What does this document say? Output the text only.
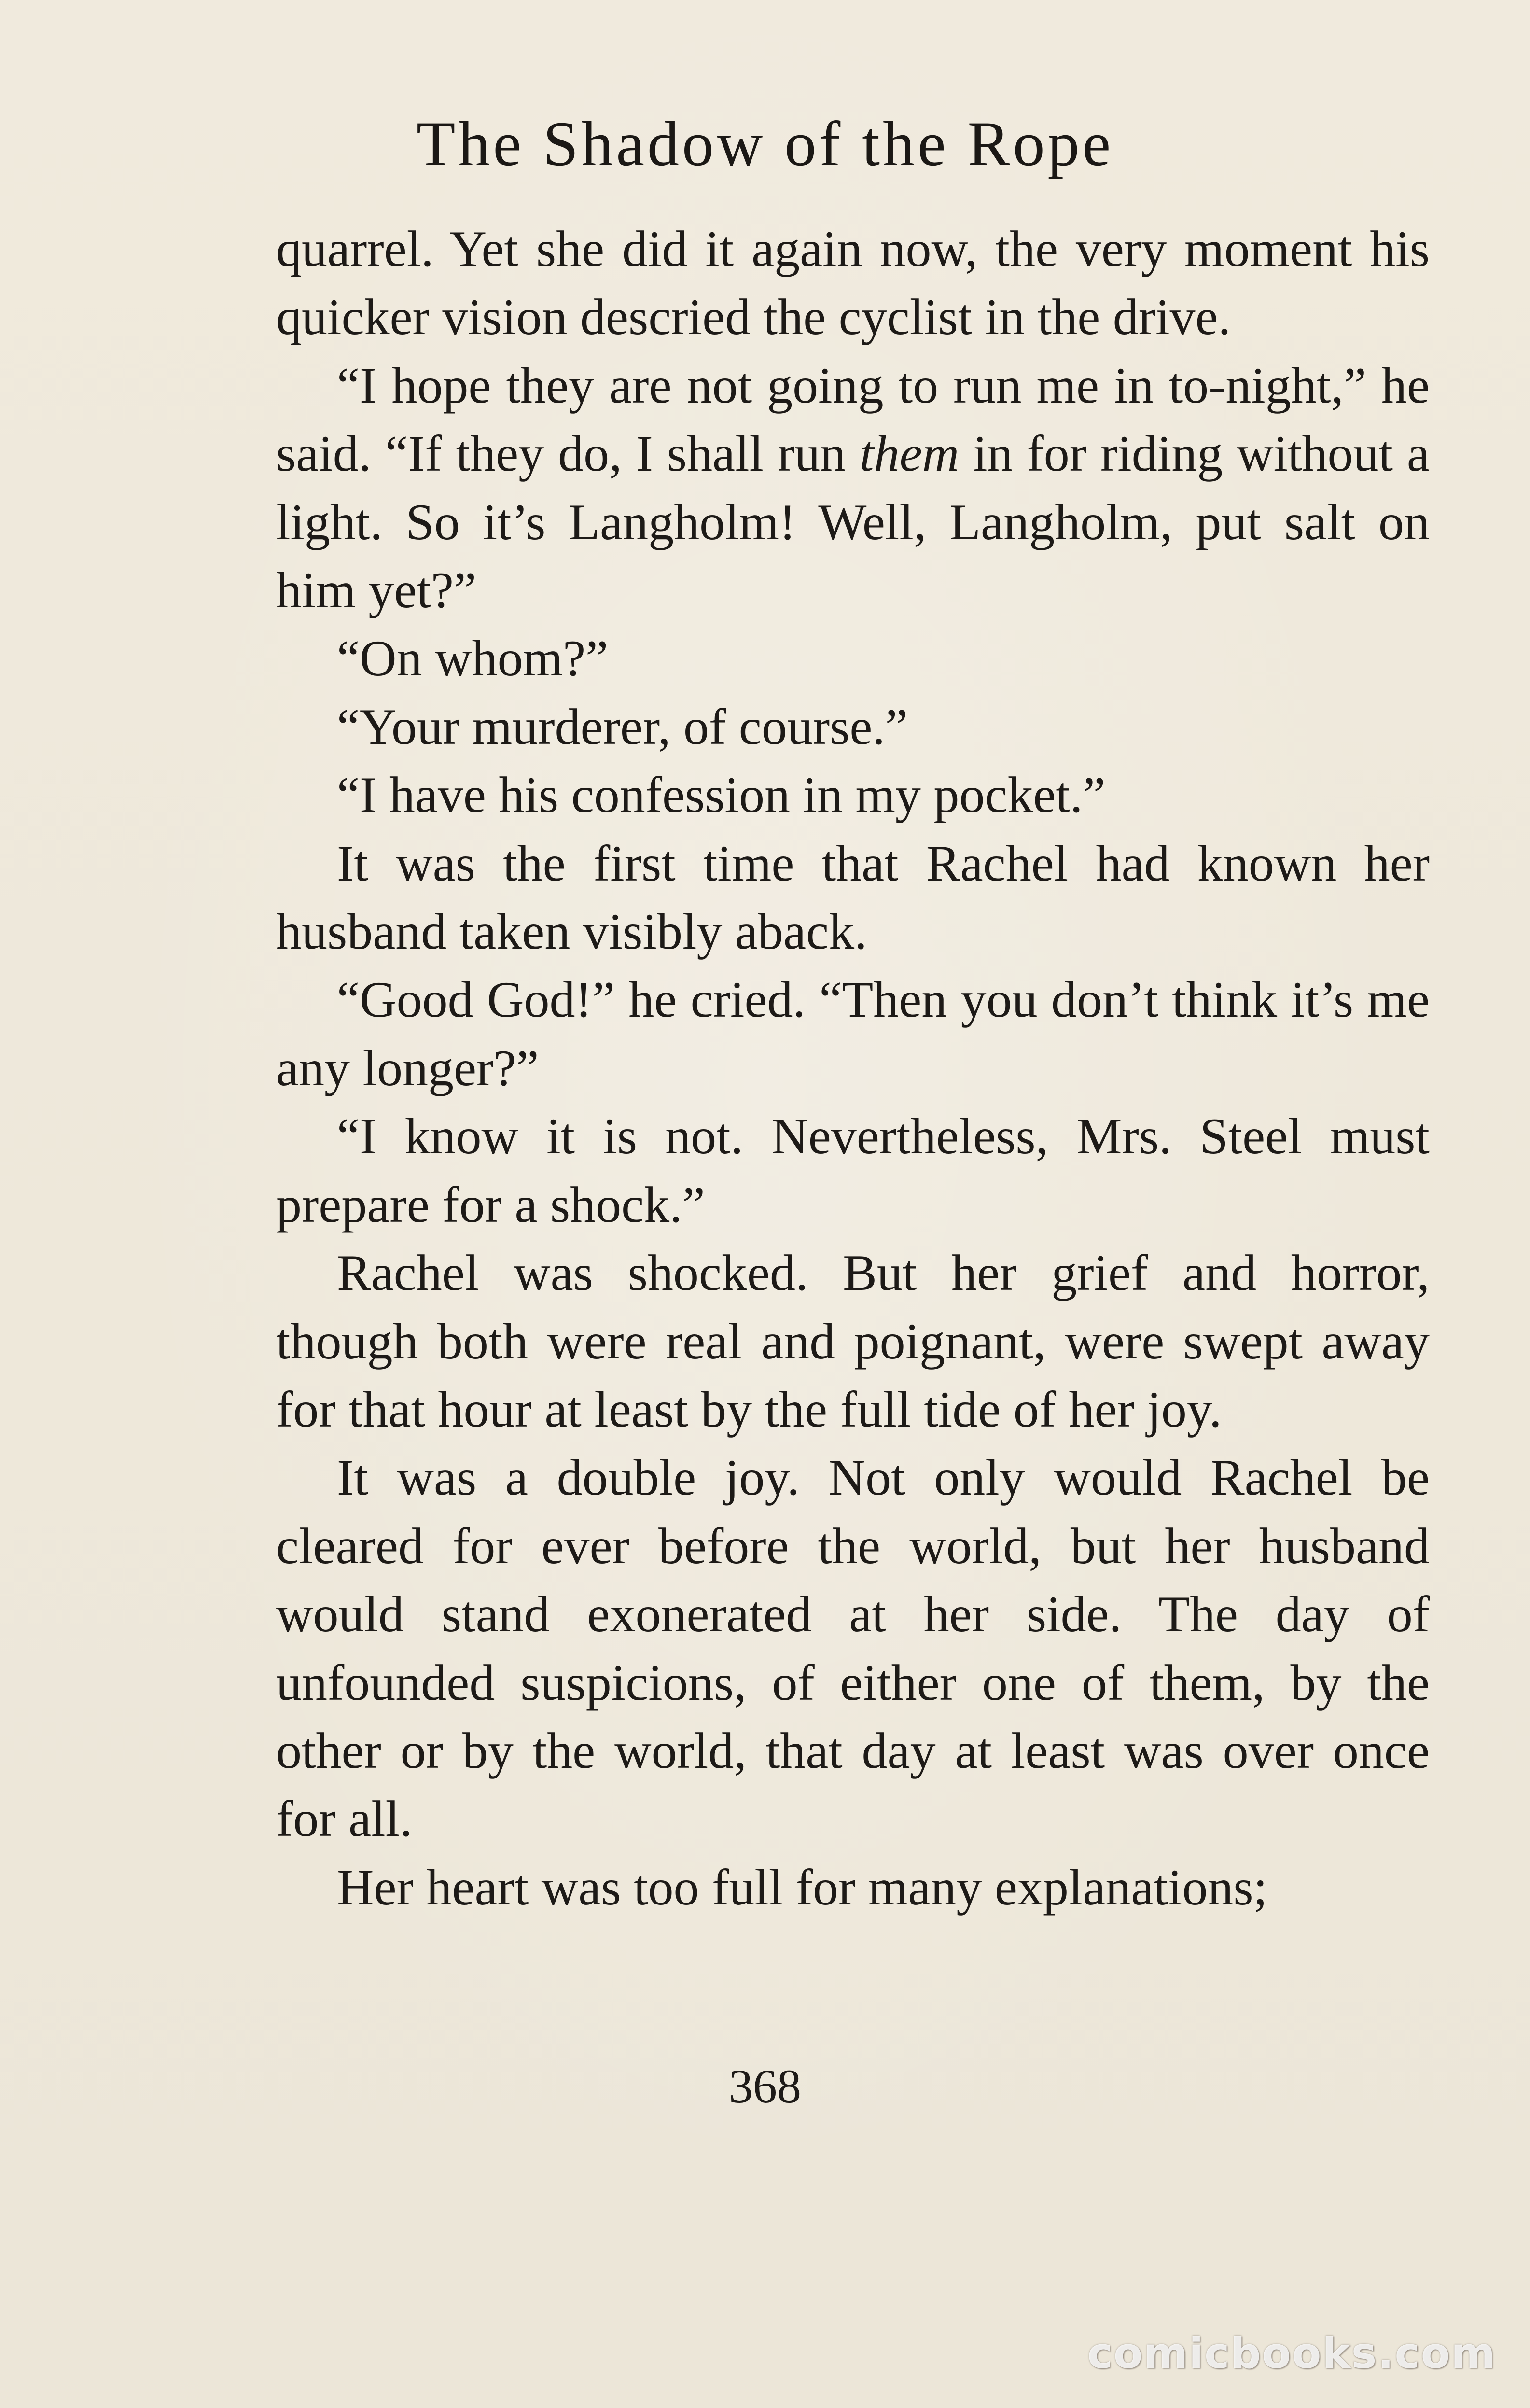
The Shadow of the Rope

quarrel. Yet she did it again now, the very moment his quicker vision descried the cyclist in the drive.

“I hope they are not going to run me in to-night,” he said. “If they do, I shall run them in for riding without a light. So it’s Langholm! Well, Langholm, put salt on him yet?”

“On whom?”

“Your murderer, of course.”

“I have his confession in my pocket.”

It was the first time that Rachel had known her husband taken visibly aback.

“Good God!” he cried. “Then you don’t think it’s me any longer?”

“I know it is not. Nevertheless, Mrs. Steel must prepare for a shock.”

Rachel was shocked. But her grief and horror, though both were real and poignant, were swept away for that hour at least by the full tide of her joy.

It was a double joy. Not only would Rachel be cleared for ever before the world, but her husband would stand exonerated at her side. The day of unfounded suspicions, of either one of them, by the other or by the world, that day at least was over once for all.

Her heart was too full for many explanations;

368
comicbooks.com
